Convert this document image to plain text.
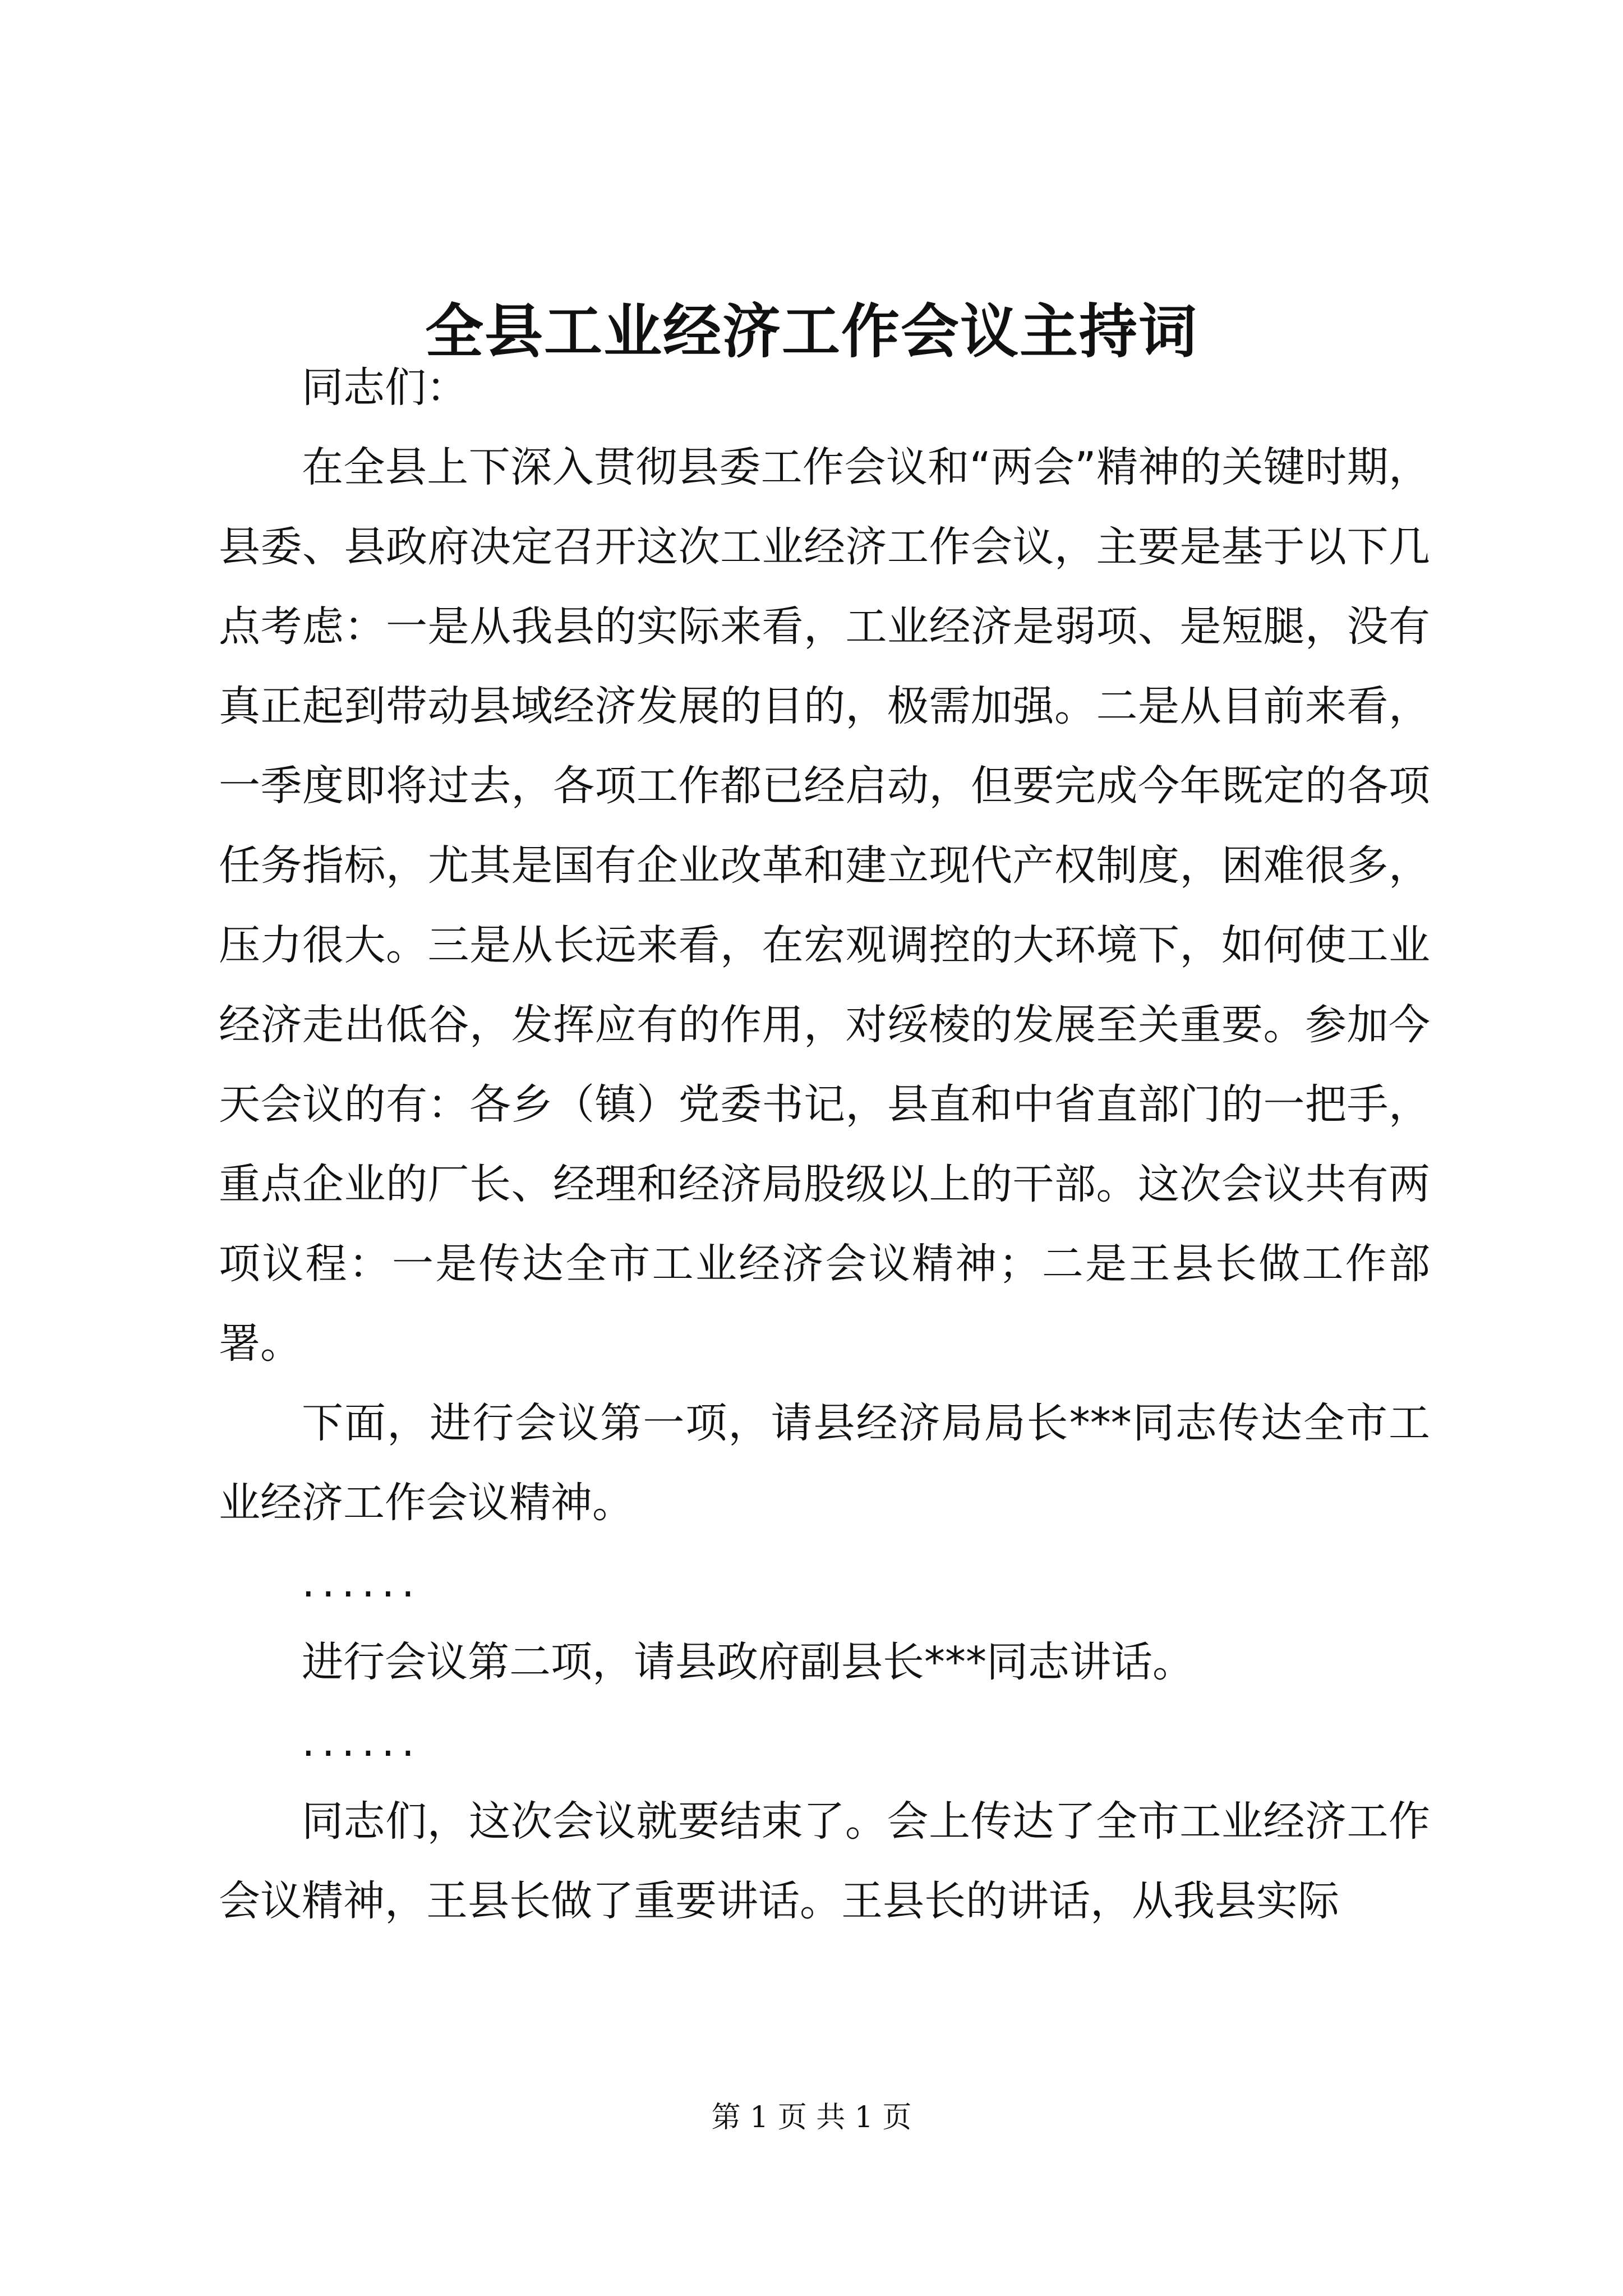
全县工业经济工作会议主持词

同志们：

在全县上下深入贯彻县委工作会议和“两会”精神的关键时期，县委、县政府决定召开这次工业经济工作会议，主要是基于以下几点考虑：一是从我县的实际来看，工业经济是弱项、是短腿，没有真正起到带动县域经济发展的目的，极需加强。二是从目前来看，一季度即将过去，各项工作都已经启动，但要完成今年既定的各项任务指标，尤其是国有企业改革和建立现代产权制度，困难很多，压力很大。三是从长远来看，在宏观调控的大环境下，如何使工业经济走出低谷，发挥应有的作用，对绥棱的发展至关重要。参加今天会议的有：各乡（镇）党委书记，县直和中省直部门的一把手，重点企业的厂长、经理和经济局股级以上的干部。这次会议共有两项议程：一是传达全市工业经济会议精神；二是王县长做工作部署。

下面，进行会议第一项，请县经济局局长***同志传达全市工业经济工作会议精神。

......

进行会议第二项，请县政府副县长***同志讲话。

......

同志们，这次会议就要结束了。会上传达了全市工业经济工作会议精神，王县长做了重要讲话。王县长的讲话，从我县实际

第 1 页 共 1 页
